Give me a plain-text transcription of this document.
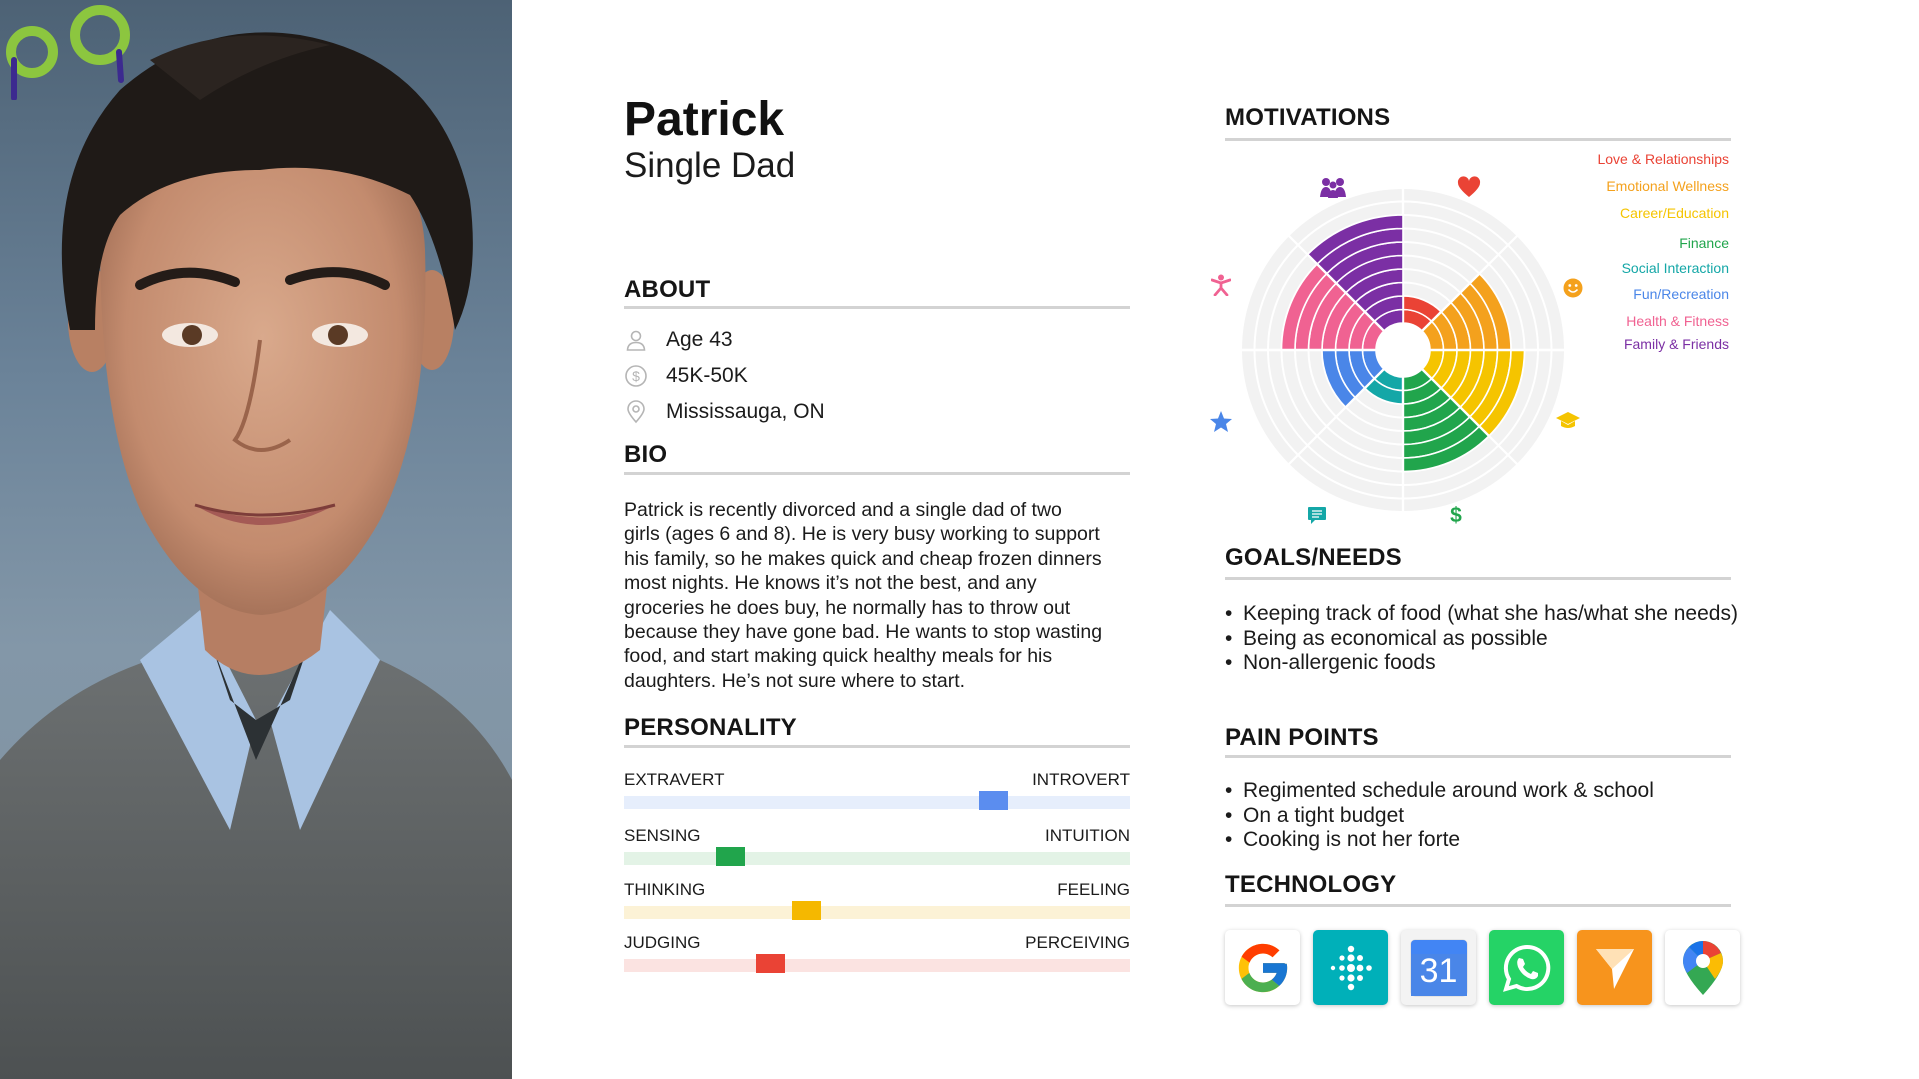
Patrick
Single Dad
ABOUT
Age 43
$ 45K-50K
Mississauga, ON
BIO
Patrick is recently divorced and a single dad of two
girls (ages 6 and 8). He is very busy working to support
his family, so he makes quick and cheap frozen dinners
most nights. He knows it’s not the best, and any
groceries he does buy, he normally has to throw out
because they have gone bad. He wants to stop wasting
food, and start making quick healthy meals for his
daughters. He’s not sure where to start.
PERSONALITY
EXTRAVERT	INTROVERT
SENSING	INTUITION
THINKING	FEELING
JUDGING	PERCEIVING
MOTIVATIONS
$
Love & Relationships
Emotional Wellness
Career/Education
Finance
Social Interaction
Fun/Recreation
Health & Fitness
Family & Friends
GOALS/NEEDS
• Keeping track of food (what she has/what she needs)
• Being as economical as possible
• Non-allergenic foods
PAIN POINTS
• Regimented schedule around work & school
• On a tight budget
• Cooking is not her forte
TECHNOLOGY
31
